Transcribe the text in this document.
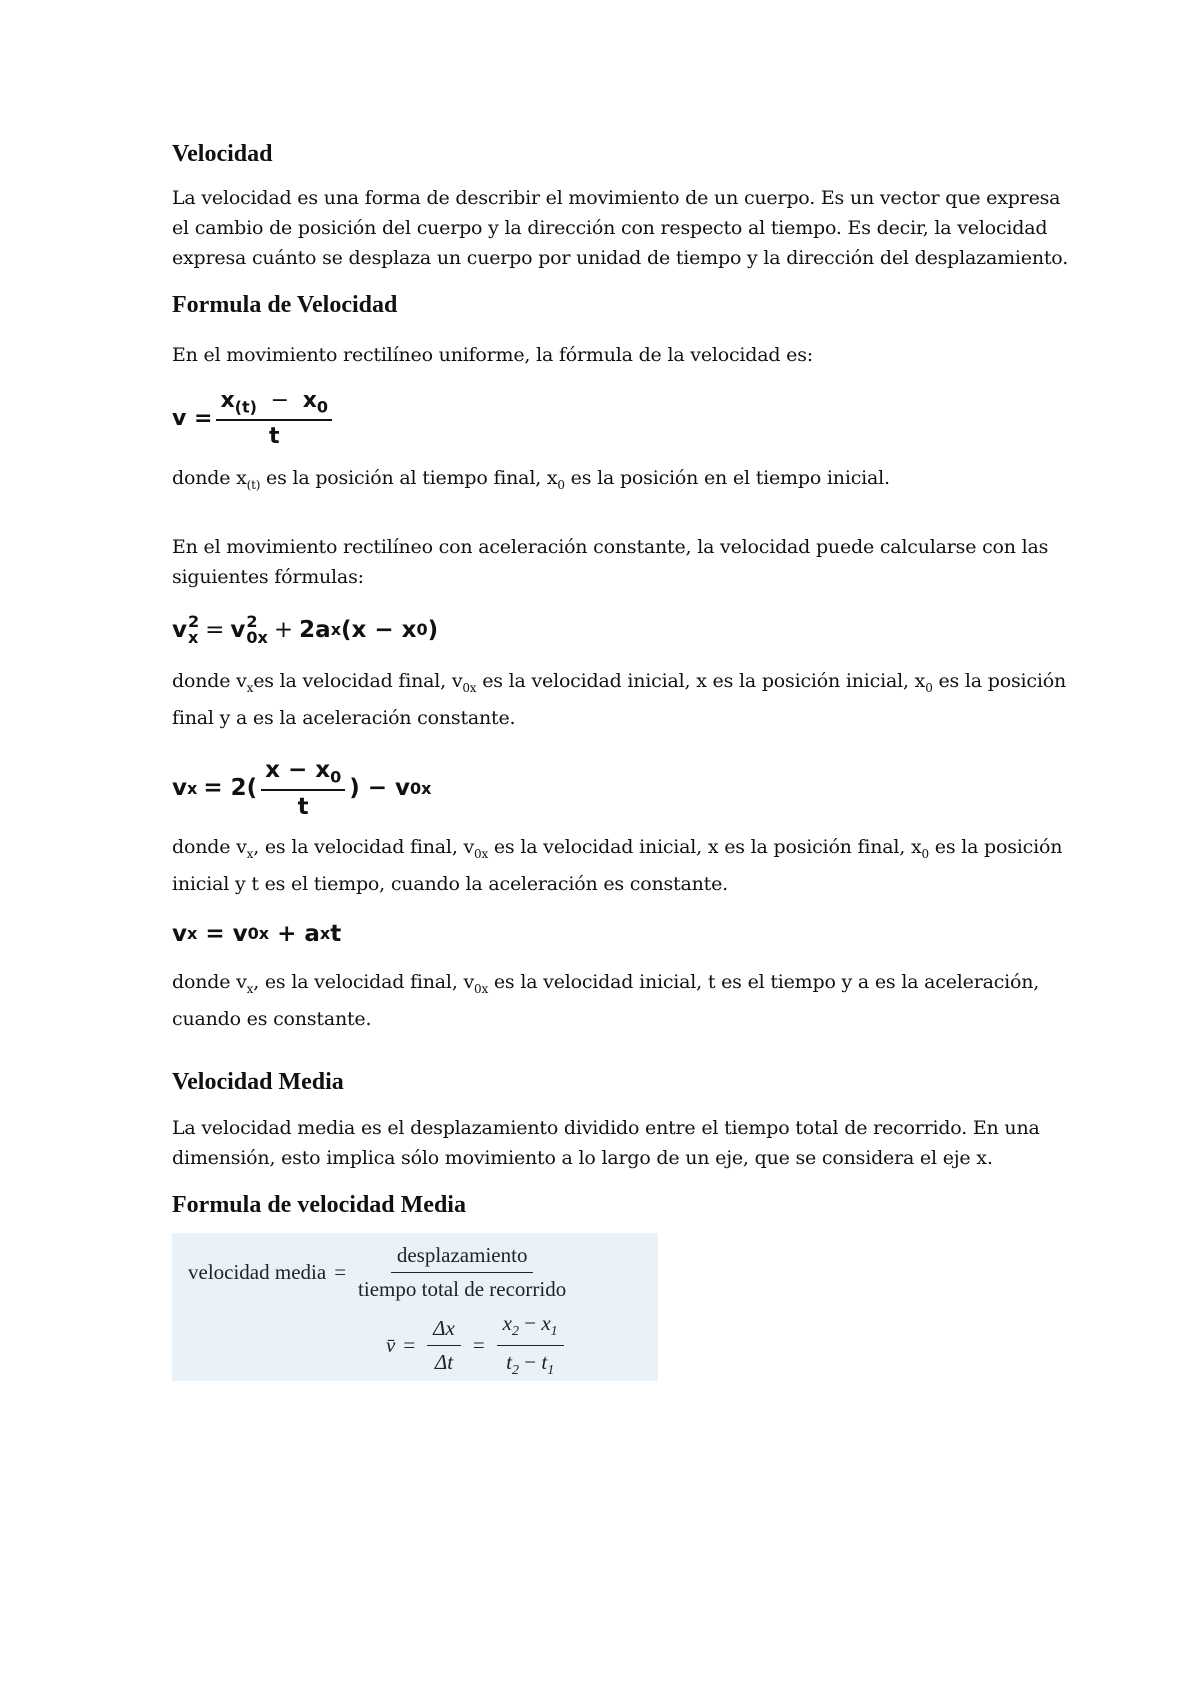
Velocidad

La velocidad es una forma de describir el movimiento de un cuerpo. Es un vector que expresa el cambio de posición del cuerpo y la dirección con respecto al tiempo. Es decir, la velocidad expresa cuánto se desplaza un cuerpo por unidad de tiempo y la dirección del desplazamiento.

Formula de Velocidad

En el movimiento rectilíneo uniforme, la fórmula de la velocidad es:

$v = \frac{x_{(t)} - x_0}{t}$

donde $x_{(t)}$ es la posición al tiempo final, $x_0$ es la posición en el tiempo inicial.

En el movimiento rectilíneo con aceleración constante, la velocidad puede calcularse con las siguientes fórmulas:

v 2
x = v 2
0x + 2a x (x − x 0 )

donde $v_xes$ la velocidad final, $v_{0x}$ es la velocidad inicial, x es la posición inicial, $x_0$ es la posición final y a es la aceleración constante.

v $x = 2( \frac{x - x_0}{t}$ ) − v 0x

donde $v_x$, es la velocidad final, $v_{0x}$ es la velocidad inicial, x es la posición final, $x_0$ es la posición inicial y t es el tiempo, cuando la aceleración es constante.

v x = v 0x + a x t

donde $v_x$, es la velocidad final, $v_{0x}$ es la velocidad inicial, t es el tiempo y a es la aceleración, cuando es constante.

Velocidad Media

La velocidad media es el desplazamiento dividido entre el tiempo total de recorrido. En una dimensión, esto implica sólo movimiento a lo largo de un eje, que se considera el eje x.

Formula de velocidad Media
velocidad media = $\frac{\text{desplazamiento}}{\text{tiempo total de recorrido}}$
v̄ = $\frac{\Delta x}{\Delta t} = \frac{x_2 - x_1}{t_2 - t_1}$
